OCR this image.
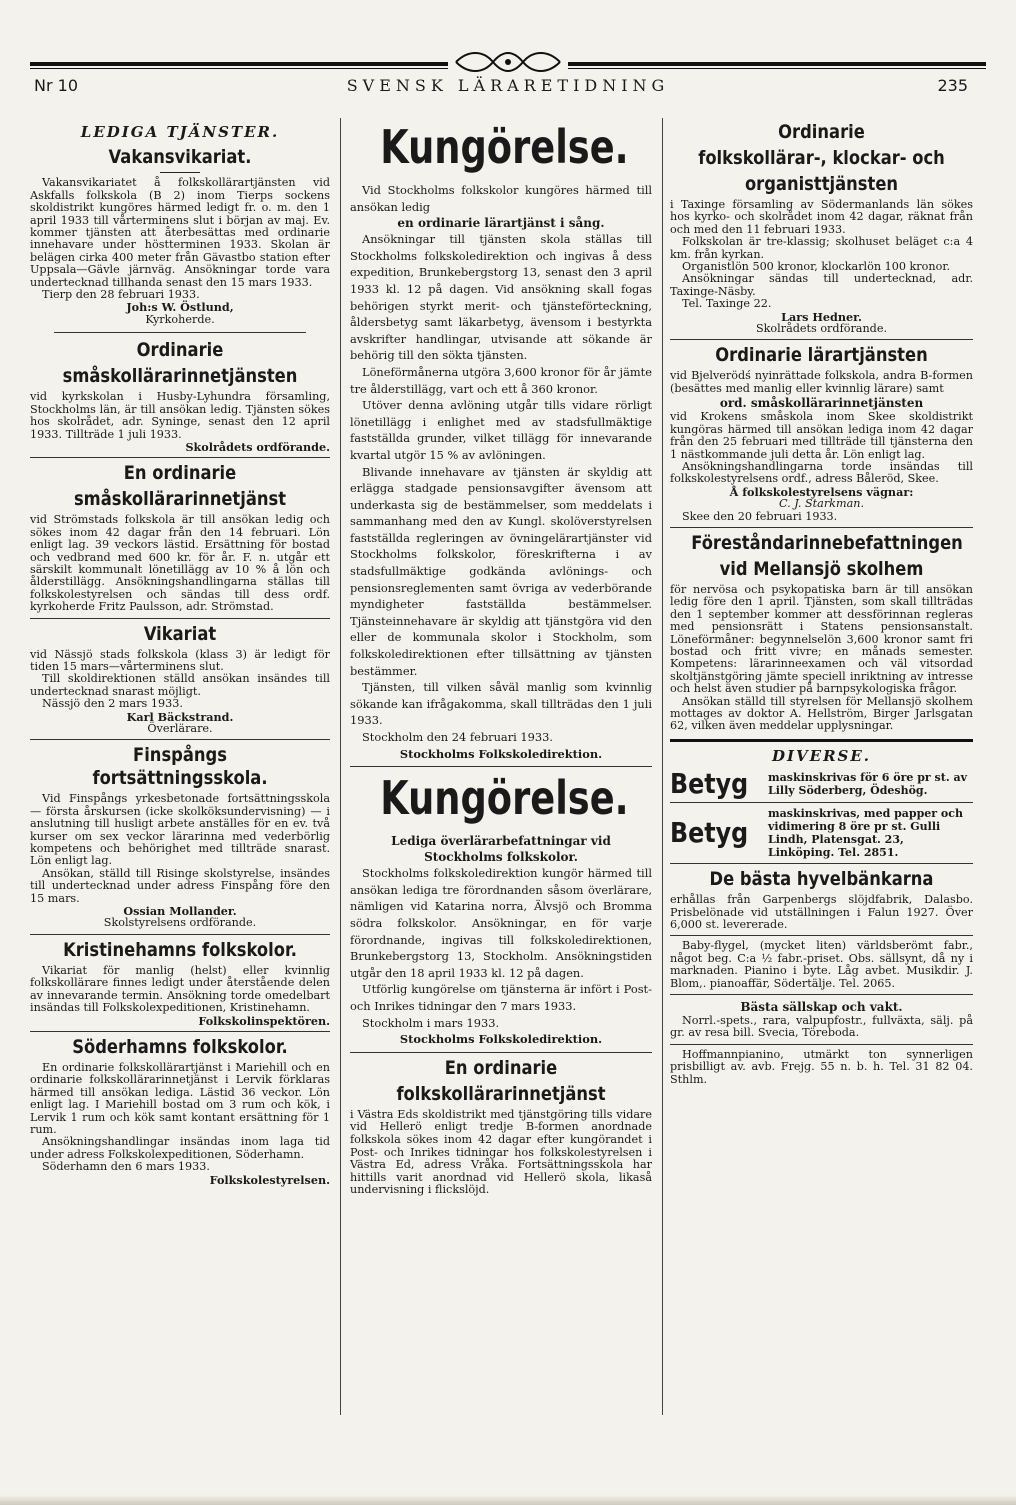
Nr 10	SVENSK LÄRARETIDNING	235
LEDIGA TJÄNSTER.
Vakansvikariat.

Vakansvikariatet å folkskollärartjänsten vid Askfalls folkskola (B 2) inom Tierps sockens skoldistrikt kungöres härmed ledigt fr. o. m. den 1 april 1933 till vårterminens slut i början av maj. Ev. kommer tjänsten att återbesättas med ordinarie innehavare under höstterminen 1933. Skolan är belägen cirka 400 meter från Gävastbo station efter Uppsala—Gävle järnväg. Ansökningar torde vara undertecknad tillhanda senast den 15 mars 1933.

Tierp den 28 februari 1933.

Joh:s W. Östlund,
Kyrkoherde.
Ordinarie
småskollärarinnetjänsten

vid kyrkskolan i Husby-Lyhundra församling, Stockholms län, är till ansökan ledig. Tjänsten sökes hos skolrådet, adr. Syninge, senast den 12 april 1933. Tillträde 1 juli 1933.

Skolrådets ordförande.
En ordinarie
småskollärarinnetjänst

vid Strömstads folkskola är till ansökan ledig och sökes inom 42 dagar från den 14 februari. Lön enligt lag. 39 veckors lästid. Ersättning för bostad och vedbrand med 600 kr. för år. F. n. utgår ett särskilt kommunalt lönetillägg av 10 % å lön och ålderstillägg. Ansökningshandlingarna ställas till folkskolestyrelsen och sändas till dess ordf. kyrkoherde Fritz Paulsson, adr. Strömstad.

Vikariat

vid Nässjö stads folkskola (klass 3) är ledigt för tiden 15 mars—vårterminens slut.

Till skoldirektionen ställd ansökan insändes till undertecknad snarast möjligt.

Nässjö den 2 mars 1933.

Karl Bäckstrand.
Överlärare.
Finspångs fortsättningsskola.

Vid Finspångs yrkesbetonade fortsättningsskola — första årskursen (icke skolköksundervisning) — i anslutning till husligt arbete anställes för en ev. två kurser om sex veckor lärarinna med vederbörlig kompetens och behörighet med tillträde snarast. Lön enligt lag.

Ansökan, ställd till Risinge skolstyrelse, insändes till undertecknad under adress Finspång före den 15 mars.

Ossian Mollander.
Skolstyrelsens ordförande.
Kristinehamns folkskolor.

Vikariat för manlig (helst) eller kvinnlig folkskollärare finnes ledigt under återstående delen av innevarande termin. Ansökning torde omedelbart insändas till Folkskolexpeditionen, Kristinehamn.

Folkskolinspektören.
Söderhamns folkskolor.

En ordinarie folkskollärartjänst i Mariehill och en ordinarie folkskollärarinnetjänst i Lervik förklaras härmed till ansökan lediga. Lästid 36 veckor. Lön enligt lag. I Mariehill bostad om 3 rum och kök, i Lervik 1 rum och kök samt kontant ersättning för 1 rum.

Ansökningshandlingar insändas inom laga tid under adress Folkskolexpeditionen, Söderhamn.

Söderhamn den 6 mars 1933.

Folkskolestyrelsen.
Kungörelse.

Vid Stockholms folkskolor kungöres härmed till ansökan ledig

en ordinarie lärartjänst i sång.

Ansökningar till tjänsten skola ställas till Stockholms folkskoledirektion och ingivas å dess expedition, Brunkebergstorg 13, senast den 3 april 1933 kl. 12 på dagen. Vid ansökning skall fogas behörigen styrkt merit- och tjänsteförteckning, åldersbetyg samt läkarbetyg, ävensom i bestyrkta avskrifter handlingar, utvisande att sökande är behörig till den sökta tjänsten.

Löneförmånerna utgöra 3,600 kronor för år jämte tre ålderstillägg, vart och ett å 360 kronor.

Utöver denna avlöning utgår tills vidare rörligt lönetillägg i enlighet med av stadsfullmäktige fastställda grunder, vilket tillägg för innevarande kvartal utgör 15 % av avlöningen.

Blivande innehavare av tjänsten är skyldig att erlägga stadgade pensionsavgifter ävensom att underkasta sig de bestämmelser, som meddelats i sammanhang med den av Kungl. skolöverstyrelsen fastställda regleringen av övningelärartjänster vid Stockholms folkskolor, föreskrifterna i av stadsfullmäktige godkända avlönings- och pensionsreglementen samt övriga av vederbörande myndigheter fastställda bestämmelser. Tjänsteinnehavare är skyldig att tjänstgöra vid den eller de kommunala skolor i Stockholm, som folkskoledirektionen efter tillsättning av tjänsten bestämmer.

Tjänsten, till vilken såväl manlig som kvinnlig sökande kan ifrågakomma, skall tillträdas den 1 juli 1933.

Stockholm den 24 februari 1933.

Stockholms Folkskoledirektion.
Kungörelse.
Lediga överlärarbefattningar vid
Stockholms folkskolor.

Stockholms folkskoledirektion kungör härmed till ansökan lediga tre förordnanden såsom överlärare, nämligen vid Katarina norra, Älvsjö och Bromma södra folkskolor. Ansökningar, en för varje förordnande, ingivas till folkskoledirektionen, Brunkebergstorg 13, Stockholm. Ansökningstiden utgår den 18 april 1933 kl. 12 på dagen.

Utförlig kungörelse om tjänsterna är infört i Post- och Inrikes tidningar den 7 mars 1933.

Stockholm i mars 1933.

Stockholms Folkskoledirektion.
En ordinarie
folkskollärarinnetjänst

i Västra Eds skoldistrikt med tjänstgöring tills vidare vid Hellerö enligt tredje B-formen anordnade folkskola sökes inom 42 dagar efter kungörandet i Post- och Inrikes tidningar hos folkskolestyrelsen i Västra Ed, adress Vråka. Fortsättningsskola har hittills varit anordnad vid Hellerö skola, likaså undervisning i flickslöjd.

Ordinarie
folkskollärar-, klockar- och
organisttjänsten

i Taxinge församling av Södermanlands län sökes hos kyrko- och skolrådet inom 42 dagar, räknat från och med den 11 februari 1933.

Folkskolan är tre-klassig; skolhuset beläget c:a 4 km. från kyrkan.

Organistlön 500 kronor, klockarlön 100 kronor.

Ansökningar sändas till undertecknad, adr. Taxinge-Näsby.

Tel. Taxinge 22.

Lars Hedner.
Skolrådets ordförande.
Ordinarie lärartjänsten

vid Bjelverödś nyinrättade folkskola, andra B-formen (besättes med manlig eller kvinnlig lärare) samt

ord. småskollärarinnetjänsten

vid Krokens småskola inom Skee skoldistrikt kungöras härmed till ansökan lediga inom 42 dagar från den 25 februari med tillträde till tjänsterna den 1 nästkommande juli detta år. Lön enligt lag.

Ansökningshandlingarna torde insändas till folkskolestyrelsens ordf., adress Båleröd, Skee.

Å folkskolestyrelsens vägnar:
C. J. Starkman.

Skee den 20 februari 1933.

Föreståndarinnebefattningen
vid Mellansjö skolhem

för nervösa och psykopatiska barn är till ansökan ledig före den 1 april. Tjänsten, som skall tillträdas den 1 september kommer att dessförinnan regleras med pensionsrätt i Statens pensionsanstalt. Löneförmåner: begynnelselön 3,600 kronor samt fri bostad och fritt vivre; en månads semester. Kompetens: lärarinneexamen och väl vitsordad skoltjänstgöring jämte speciell inriktning av intresse och helst även studier på barnpsykologiska frågor.

Ansökan ställd till styrelsen för Mellansjö skolhem mottages av doktor A. Hellström, Birger Jarlsgatan 62, vilken även meddelar upplysningar.

DIVERSE.
Betyg maskinskrivas för 6 öre pr st. av Lilly Söderberg, Ödeshög.
Betyg
maskinskrivas, med papper och vidimering 8 öre pr st. Gulli Lindh, Platensgat. 23, Linköping. Tel. 2851.
De bästa hyvelbänkarna

erhållas från Garpenbergs slöjdfabrik, Dalasbo. Prisbelönade vid utställningen i Falun 1927. Över 6,000 st. levererade.

Baby-flygel, (mycket liten) världsberömt fabr., något beg. C:a ½ fabr.-priset. Obs. sällsynt, då ny i marknaden. Pianino i byte. Låg avbet. Musikdir. J. Blom,. pianoaffär, Södertälje. Tel. 2065.

Bästa sällskap och vakt.

Norrl.-spets., rara, valpupfostr., fullväxta, sälj. på gr. av resa bill. Svecia, Töreboda.

Hoffmannpianino, utmärkt ton synnerligen prisbilligt av. avb. Frejg. 55 n. b. h. Tel. 31 82 04. Sthlm.
